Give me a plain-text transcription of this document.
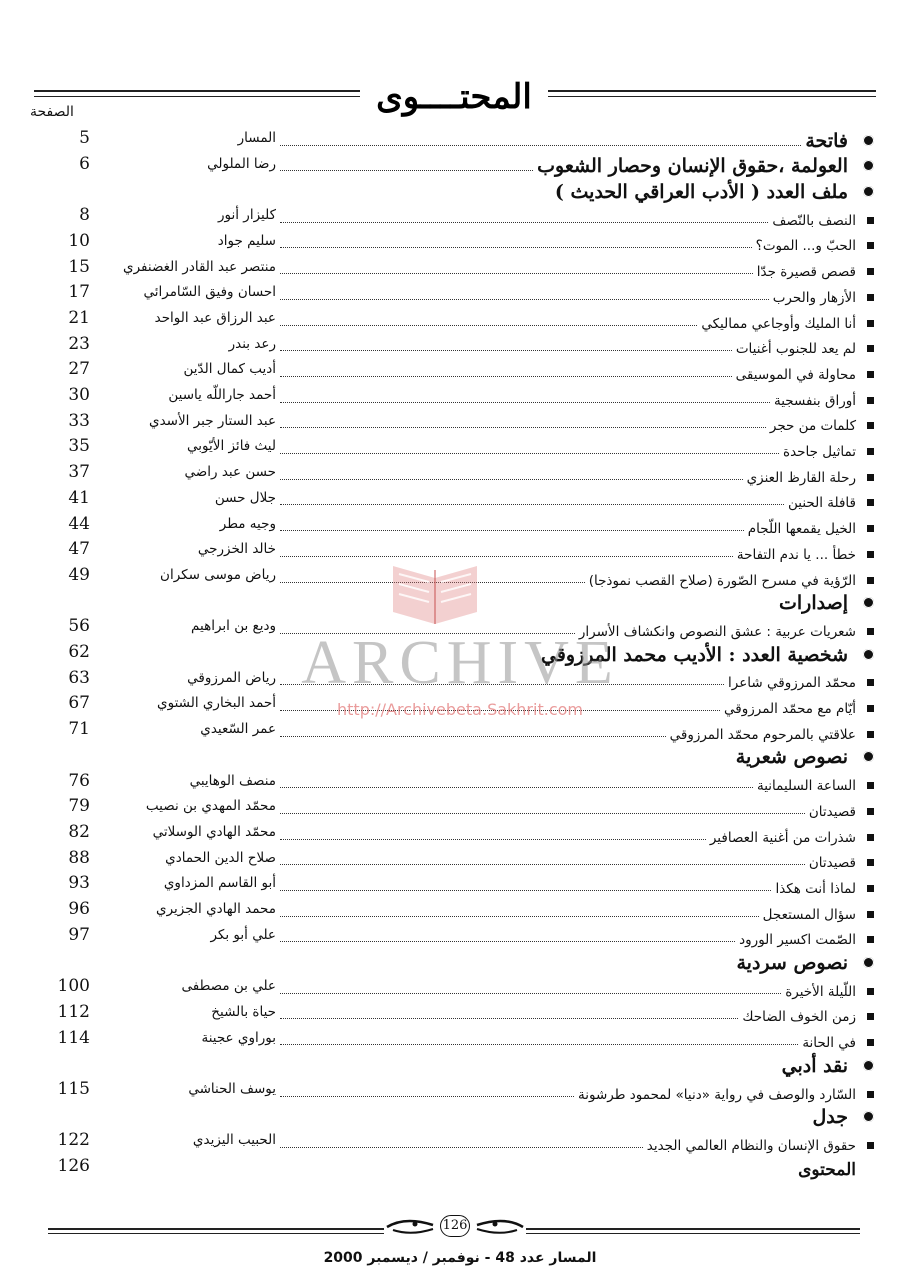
المحتــــوى
الصفحة
5	المسار	فاتحة
6	رضا الملولي	العولمة ،حقوق الإنسان وحصار الشعوب
ملف العدد ( الأدب العراقي الحديث )
8	كليزار أنور	النصف بالنّصف
10	سليم جواد	الحبّ و... الموت؟
15	منتصر عبد القادر الغضنفري	قصص قصيرة جدّا
17	احسان وفيق السّامرائي	الأزهار والحرب
21	عبد الرزاق عبد الواحد	أنا المليك وأوجاعي مماليكي
23	رعد بندر	لم يعد للجنوب أغنيات
27	أديب كمال الدّين	محاولة في الموسيقى
30	أحمد جاراللّه ياسين	أوراق بنفسجية
33	عبد الستار جبر الأسدي	كلمات من حجر
35	ليث فائز الأيّوبي	تماثيل جاحدة
37	حسن عبد راضي	رحلة القارظ العنزي
41	جلال حسن	قافلة الحنين
44	وجيه مطر	الخيل يقمعها اللّجام
47	خالد الخزرجي	خطأ ... يا ندم التفاحة
49	رياض موسى سكران	الرّؤية في مسرح الصّورة (صلاح القصب نموذجا)
إصدارات
56	وديع بن ابراهيم	شعريات عربية : عشق النصوص وانكشاف الأسرار
62	شخصية العدد : الأديب محمد المرزوقي
63	رياض المرزوقي	محمّد المرزوقي شاعرا
67	أحمد البخاري الشتوي	أيّام مع محمّد المرزوقي
71	عمر السّعيدي	علاقتي بالمرحوم محمّد المرزوقي
نصوص شعرية
76	منصف الوهايبي	الساعة السليمانية
79	محمّد المهدي بن نصيب	قصيدتان
82	محمّد الهادي الوسلاتي	شذرات من أغنية العصافير
88	صلاح الدين الحمادي	قصيدتان
93	أبو القاسم المزداوي	لماذا أنت هكذا
96	محمد الهادي الجزيري	سؤال المستعجل
97	علي أبو بكر	الصّمت اكسير الورود
نصوص سردية
100	علي بن مصطفى	اللّيلة الأخيرة
112	حياة بالشيخ	زمن الخوف الضاحك
114	بوراوي عجينة	في الحانة
نقد أدبي
115	يوسف الحناشي	السّارد والوصف في رواية «دنيا» لمحمود طرشونة
جدل
122	الحبيب اليزيدي	حقوق الإنسان والنظام العالمي الجديد
126	المحتوى
ARCHIVE
http://Archivebeta.Sakhrit.com
126
المسار عدد 48 - نوفمبر / ديسمبر 2000
